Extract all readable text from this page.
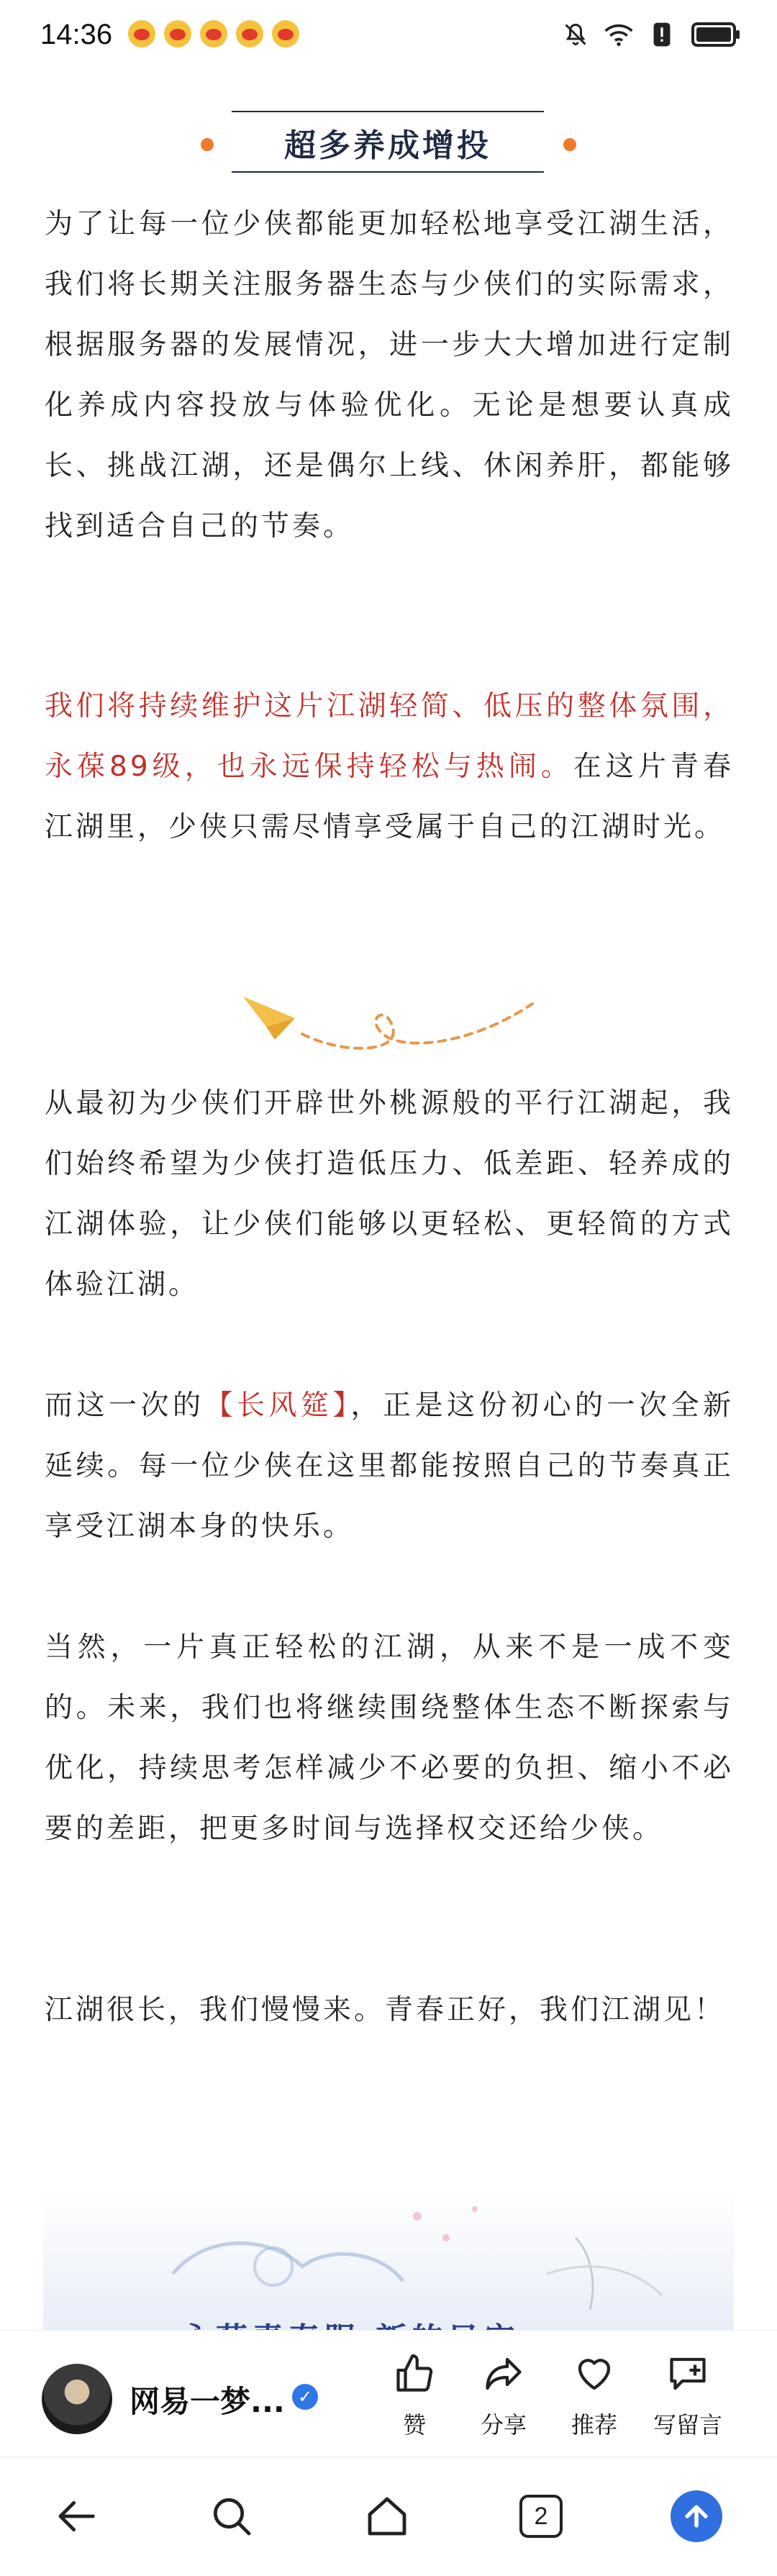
14:36
超多养成增投

为了让每一位少侠都能更加轻松地享受江湖生活，我们将长期关注服务器生态与少侠们的实际需求，根据服务器的发展情况，进一步大大增加进行定制化养成内容投放与体验优化。无论是想要认真成长、挑战江湖，还是偶尔上线、休闲养肝，都能够找到适合自己的节奏。

我们将持续维护这片江湖轻简、低压的整体氛围，永葆89级，也永远保持轻松与热闹。在这片青春江湖里，少侠只需尽情享受属于自己的江湖时光。

从最初为少侠们开辟世外桃源般的平行江湖起，我们始终希望为少侠打造低压力、低差距、轻养成的江湖体验，让少侠们能够以更轻松、更轻简的方式体验江湖。

而这一次的【长风筵】，正是这份初心的一次全新延续。每一位少侠在这里都能按照自己的节奏真正享受江湖本身的快乐。

当然，一片真正轻松的江湖，从来不是一成不变的。未来，我们也将继续围绕整体生态不断探索与优化，持续思考怎样减少不必要的负担、缩小不必要的差距，把更多时间与选择权交还给少侠。

江湖很长，我们慢慢来。青春正好，我们江湖见！

网易一梦... ✓
赞	分享	推荐	写留言
2
